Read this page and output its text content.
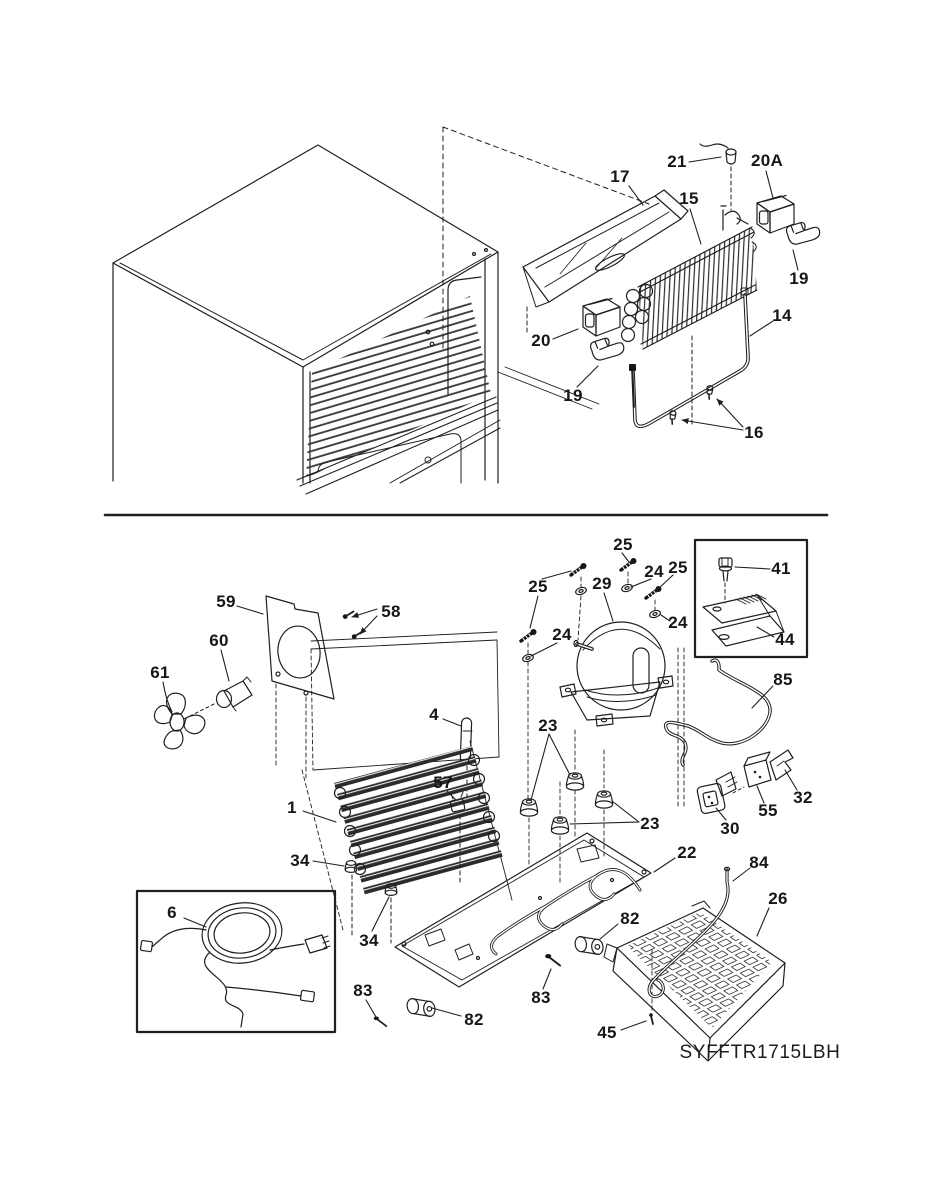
17
21	20A
15
19
14
20
19
16
59
58
60
61
25
24 25
29
25
24
24
41
44
85
4
23
57
1
32
55
23	30
22
34	84
26
6	82
34
83	83
82
45
SYFFTR1715LBH
